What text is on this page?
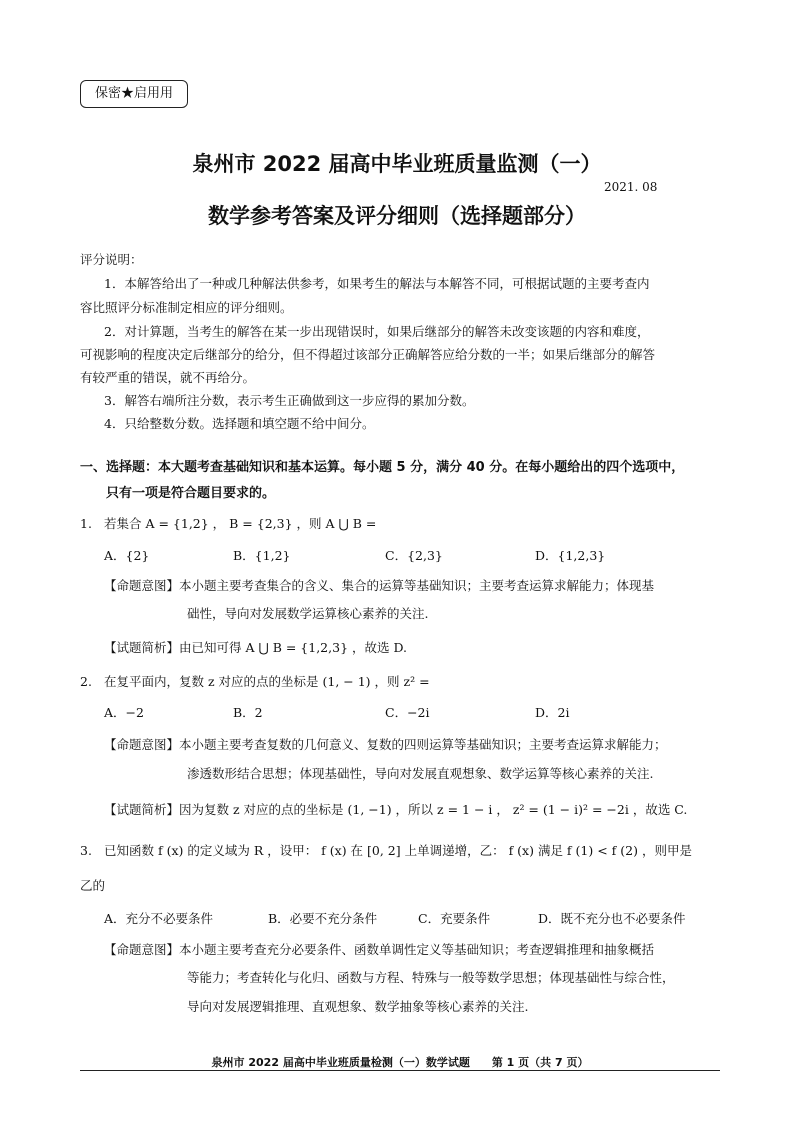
保密★启用用
泉州市 2022 届高中毕业班质量监测（一）
2021. 08
数学参考答案及评分细则（选择题部分）
评分说明：
1．本解答给出了一种或几种解法供参考，如果考生的解法与本解答不同，可根据试题的主要考查内
容比照评分标准制定相应的评分细则。
2．对计算题，当考生的解答在某一步出现错误时，如果后继部分的解答未改变该题的内容和难度，
可视影响的程度决定后继部分的给分，但不得超过该部分正确解答应给分数的一半；如果后继部分的解答
有较严重的错误，就不再给分。
3．解答右端所注分数，表示考生正确做到这一步应得的累加分数。
4．只给整数分数。选择题和填空题不给中间分。
一、选择题：本大题考查基础知识和基本运算。每小题 5 分，满分 40 分。在每小题给出的四个选项中，
只有一项是符合题目要求的。
1. 若集合 A = {1,2} ， B = {2,3} ，则 A ⋃ B =
A．{2}	B．{1,2}	C．{2,3}	D．{1,2,3}
【命题意图】本小题主要考查集合的含义、集合的运算等基础知识；主要考查运算求解能力；体现基
础性，导向对发展数学运算核心素养的关注.
【试题简析】由已知可得 A ⋃ B = {1,2,3} ，故选 D.
2. 在复平面内，复数 z 对应的点的坐标是 (1, − 1) ，则 z² =
A．−2	B．2	C．−2i	D．2i
【命题意图】本小题主要考查复数的几何意义、复数的四则运算等基础知识；主要考查运算求解能力；
渗透数形结合思想；体现基础性，导向对发展直观想象、数学运算等核心素养的关注.
【试题简析】因为复数 z 对应的点的坐标是 (1, −1) ，所以 z = 1 − i ， z² = (1 − i)² = −2i ，故选 C.
3. 已知函数 f (x) 的定义域为 R ，设甲： f (x) 在 [0, 2] 上单调递增，乙： f (x) 满足 f (1) < f (2) ，则甲是
乙的
A．充分不必要条件	B．必要不充分条件	C．充要条件	D．既不充分也不必要条件
【命题意图】本小题主要考查充分必要条件、函数单调性定义等基础知识；考查逻辑推理和抽象概括
等能力；考查转化与化归、函数与方程、特殊与一般等数学思想；体现基础性与综合性，
导向对发展逻辑推理、直观想象、数学抽象等核心素养的关注.
泉州市 2022 届高中毕业班质量检测（一）数学试题　　第 1 页（共 7 页）
